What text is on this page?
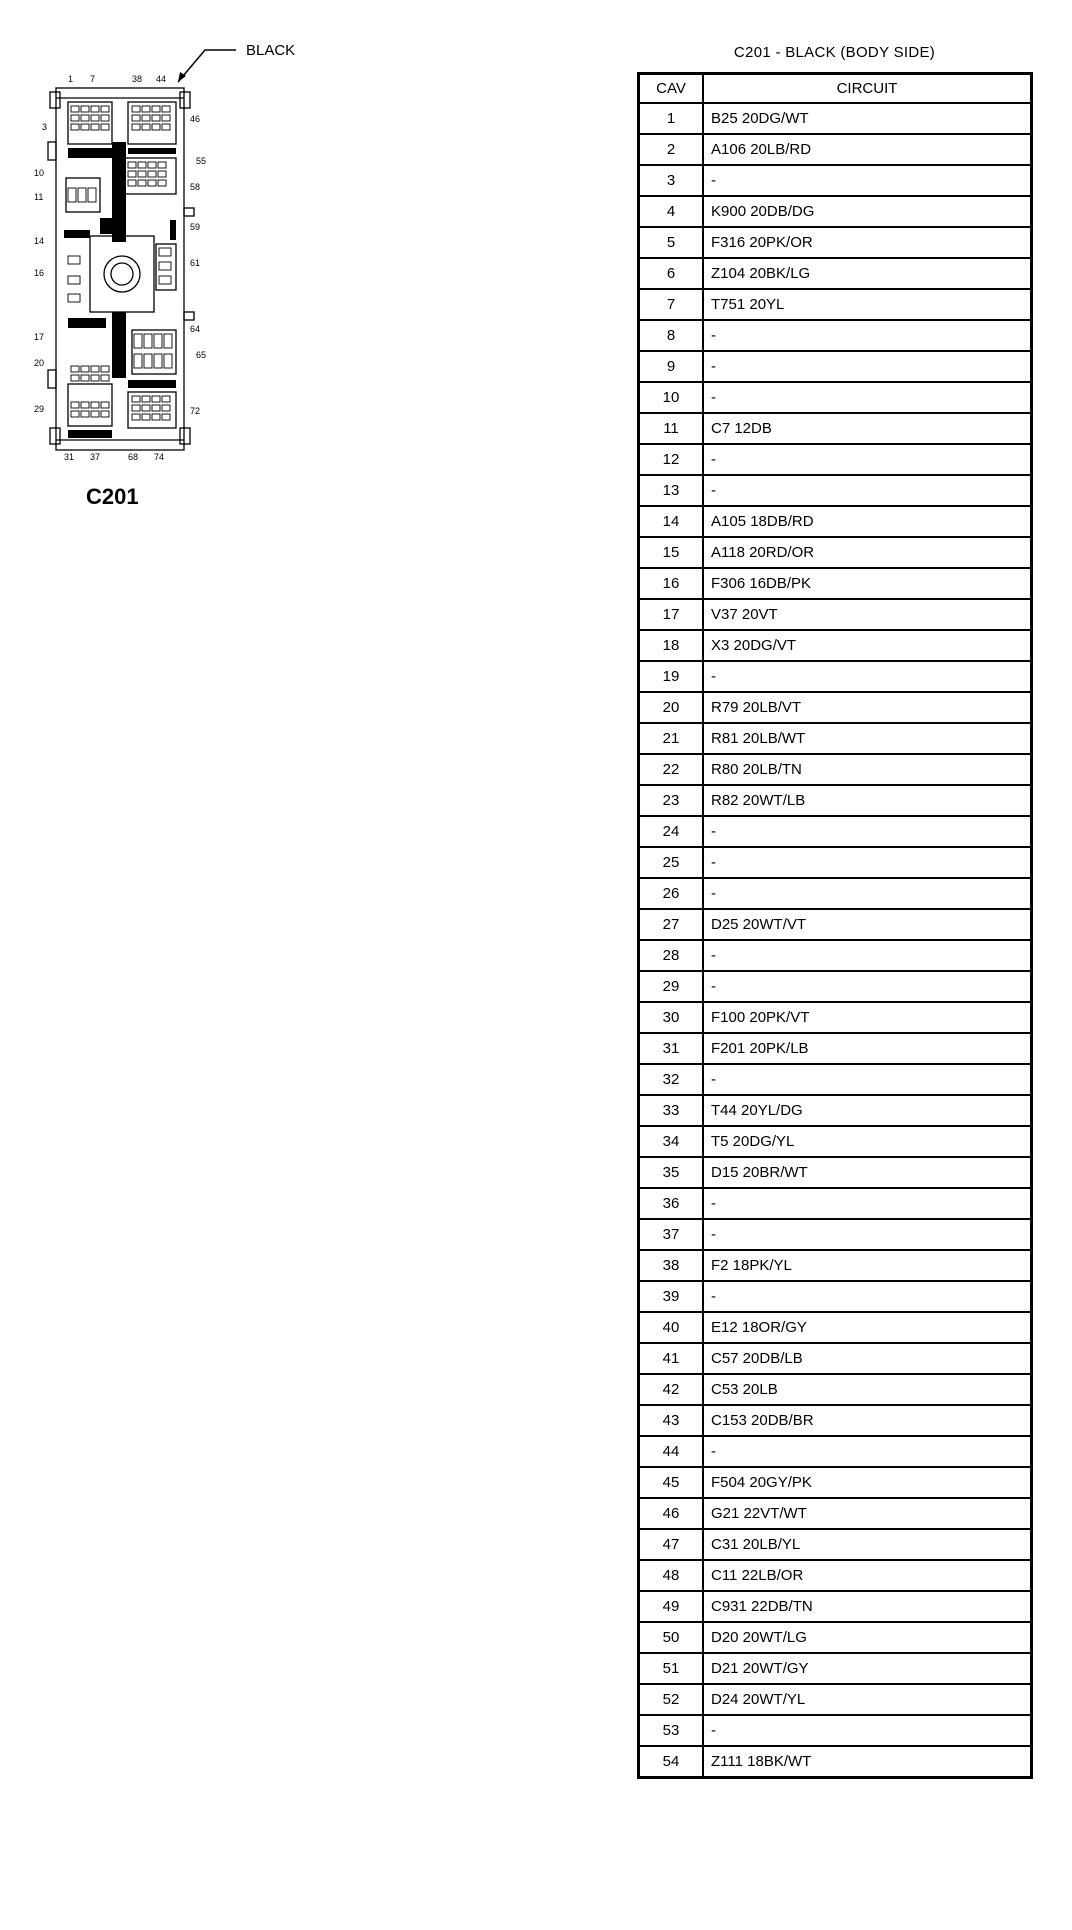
BLACK
1 7	38 44
3
10
11
14
16
17
20
29
46
55
58
59
61
64
65
72
31 37	68 74
C201
C201 - BLACK (BODY SIDE)
CAV	CIRCUIT
1	B25 20DG/WT
2	A106 20LB/RD
3	-
4	K900 20DB/DG
5	F316 20PK/OR
6	Z104 20BK/LG
7	T751 20YL
8	-
9	-
10	-
11	C7 12DB
12	-
13	-
14	A105 18DB/RD
15	A118 20RD/OR
16	F306 16DB/PK
17	V37 20VT
18	X3 20DG/VT
19	-
20	R79 20LB/VT
21	R81 20LB/WT
22	R80 20LB/TN
23	R82 20WT/LB
24	-
25	-
26	-
27	D25 20WT/VT
28	-
29	-
30	F100 20PK/VT
31	F201 20PK/LB
32	-
33	T44 20YL/DG
34	T5 20DG/YL
35	D15 20BR/WT
36	-
37	-
38	F2 18PK/YL
39	-
40	E12 18OR/GY
41	C57 20DB/LB
42	C53 20LB
43	C153 20DB/BR
44	-
45	F504 20GY/PK
46	G21 22VT/WT
47	C31 20LB/YL
48	C11 22LB/OR
49	C931 22DB/TN
50	D20 20WT/LG
51	D21 20WT/GY
52	D24 20WT/YL
53	-
54	Z111 18BK/WT
